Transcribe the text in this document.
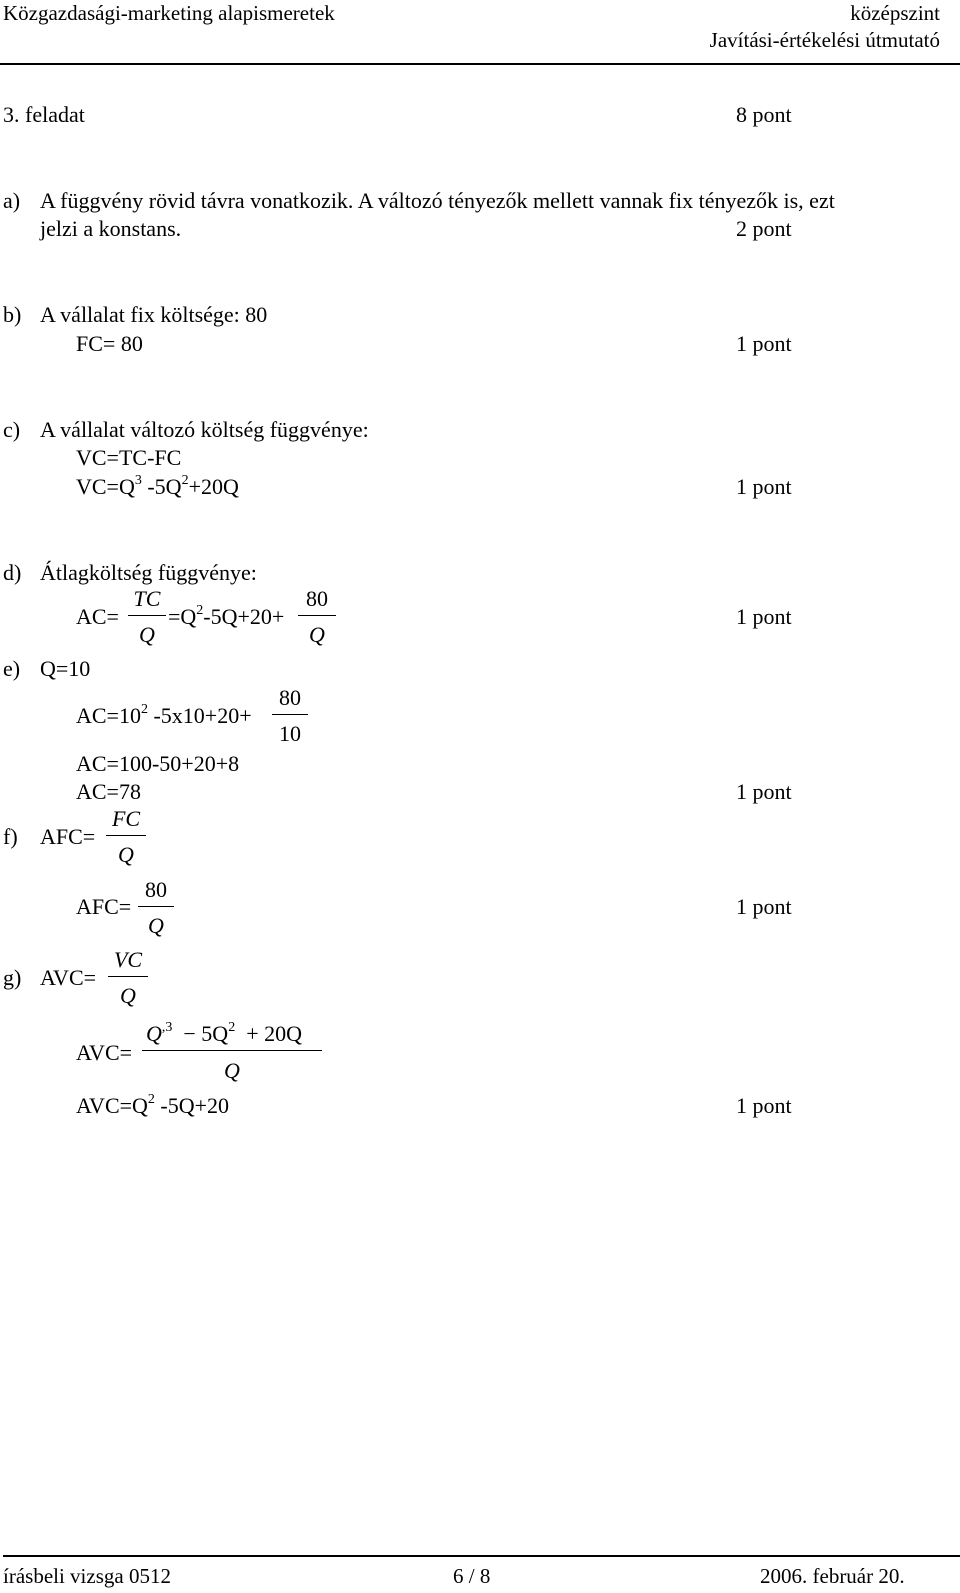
Közgazdasági-marketing alapismeretek	középszint
Javítási-értékelési útmutató
3. feladat	8 pont
a) A függvény rövid távra vonatkozik. A változó tényezők mellett vannak fix tényezők is, ezt
jelzi a konstans.	2 pont
b) A vállalat fix költsége: 80
FC= 80	1 pont
c) A vállalat változó költség függvénye:
VC=TC-FC
$VC=Q^3$ $-5Q^2+20Q$	1 pont
d) Átlagköltség függvénye:
AC=
TC
Q
$=Q^2-5Q+20+$
80
Q
1 pont
e) Q=10
$AC=10^2$ -5x10+20+
80
10
AC=100-50+20+8
AC=78	1 pont
f) AFC=
FC
Q
AFC=
80
Q
1 pont
g) AVC=
VC
Q
AVC=
$Q^{,3} - 5Q^2 + 20Q$
Q
$AVC=Q^2$ -5Q+20	1 pont
írásbeli vizsga 0512	6 / 8	2006. február 20.
